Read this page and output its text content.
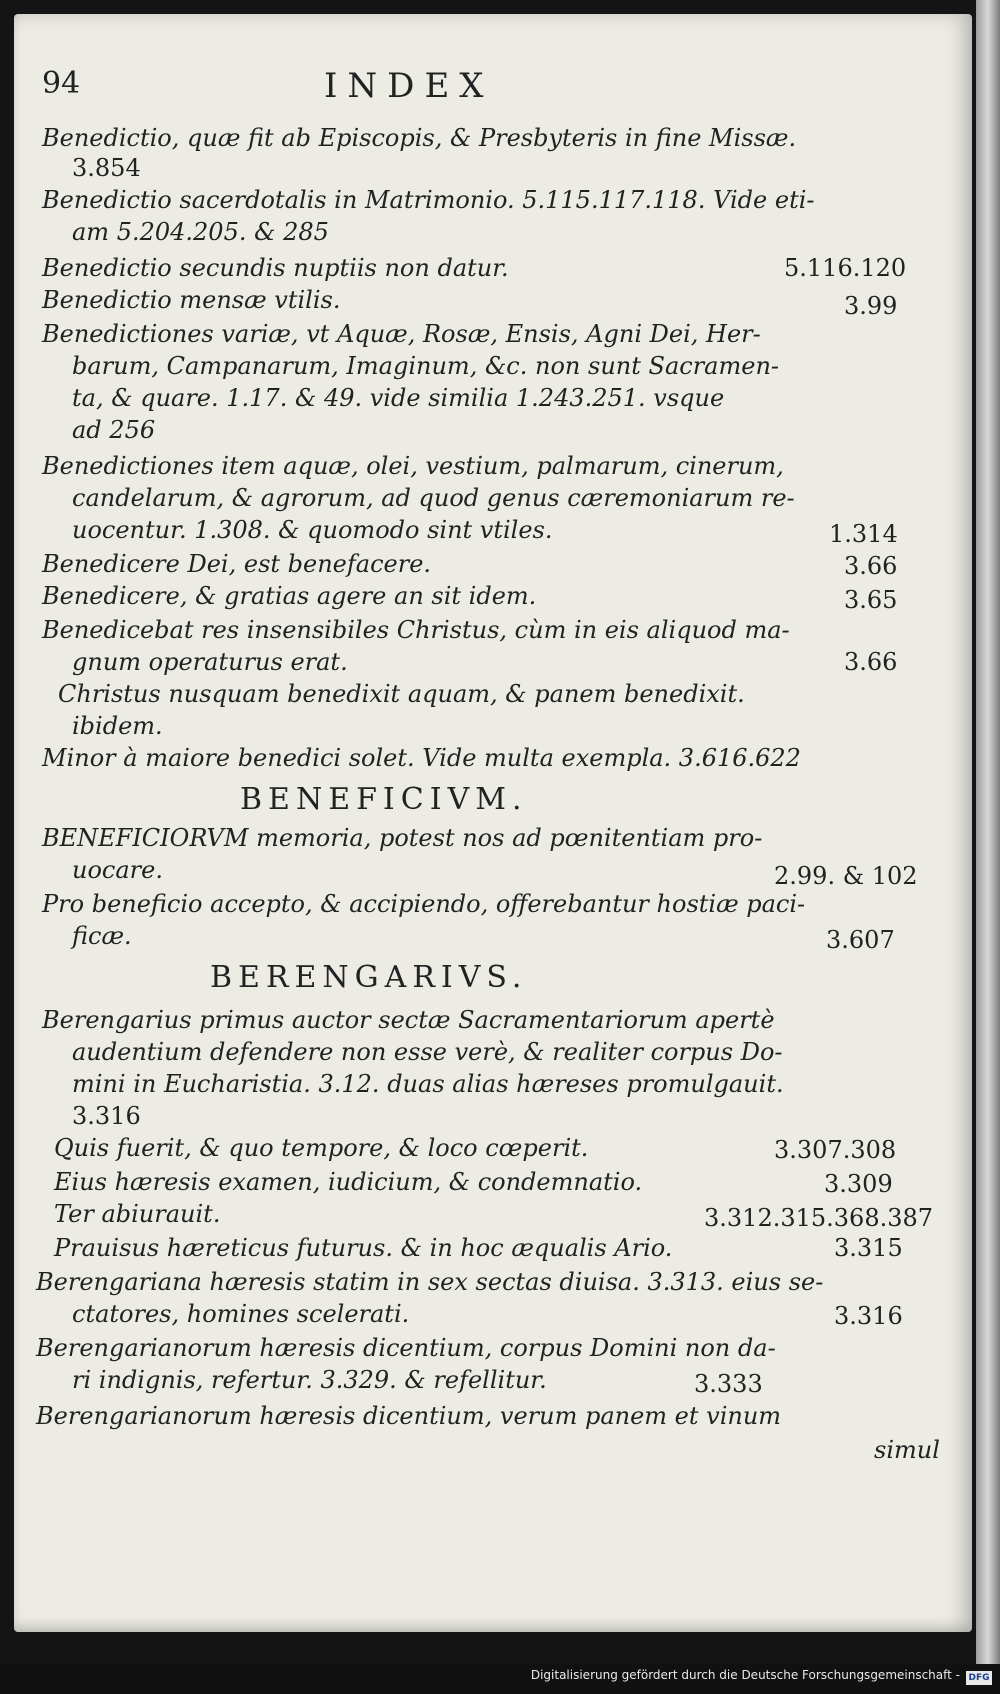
94	INDEX
Benedictio, quæ fit ab Episcopis, & Presbyteris in fine Missæ.
3.854
Benedictio sacerdotalis in Matrimonio. 5.115.117.118. Vide eti-
am 5.204.205. & 285
Benedictio secundis nuptiis non datur.	5.116.120
Benedictio mensæ vtilis.	3.99
Benedictiones variæ, vt Aquæ, Rosæ, Ensis, Agni Dei, Her-
barum, Campanarum, Imaginum, &c. non sunt Sacramen-
ta, & quare. 1.17. & 49. vide similia 1.243.251. vsque
ad 256
Benedictiones item aquæ, olei, vestium, palmarum, cinerum,
candelarum, & agrorum, ad quod genus cæremoniarum re-
uocentur. 1.308. & quomodo sint vtiles.	1.314
Benedicere Dei, est benefacere.	3.66
Benedicere, & gratias agere an sit idem.	3.65
Benedicebat res insensibiles Christus, cùm in eis aliquod ma-
gnum operaturus erat.	3.66
Christus nusquam benedixit aquam, & panem benedixit.
ibidem.
Minor à maiore benedici solet. Vide multa exempla. 3.616.622
BENEFICIVM.
BENEFICIORVM memoria, potest nos ad pœnitentiam pro-
uocare.	2.99. & 102
Pro beneficio accepto, & accipiendo, offerebantur hostiæ paci-
ficæ.	3.607
BERENGARIVS.
Berengarius primus auctor sectæ Sacramentariorum apertè
audentium defendere non esse verè, & realiter corpus Do-
mini in Eucharistia. 3.12. duas alias hæreses promulgauit.
3.316
Quis fuerit, & quo tempore, & loco cœperit.	3.307.308
Eius hæresis examen, iudicium, & condemnatio.	3.309
Ter abiurauit.	3.312.315.368.387
Prauisus hæreticus futurus. & in hoc æqualis Ario.	3.315
Berengariana hæresis statim in sex sectas diuisa. 3.313. eius se-
ctatores, homines scelerati.	3.316
Berengarianorum hæresis dicentium, corpus Domini non da-
ri indignis, refertur. 3.329. & refellitur.	3.333
Berengarianorum hæresis dicentium, verum panem et vinum
simul
Digitalisierung gefördert durch die Deutsche Forschungsgemeinschaft - DFG
